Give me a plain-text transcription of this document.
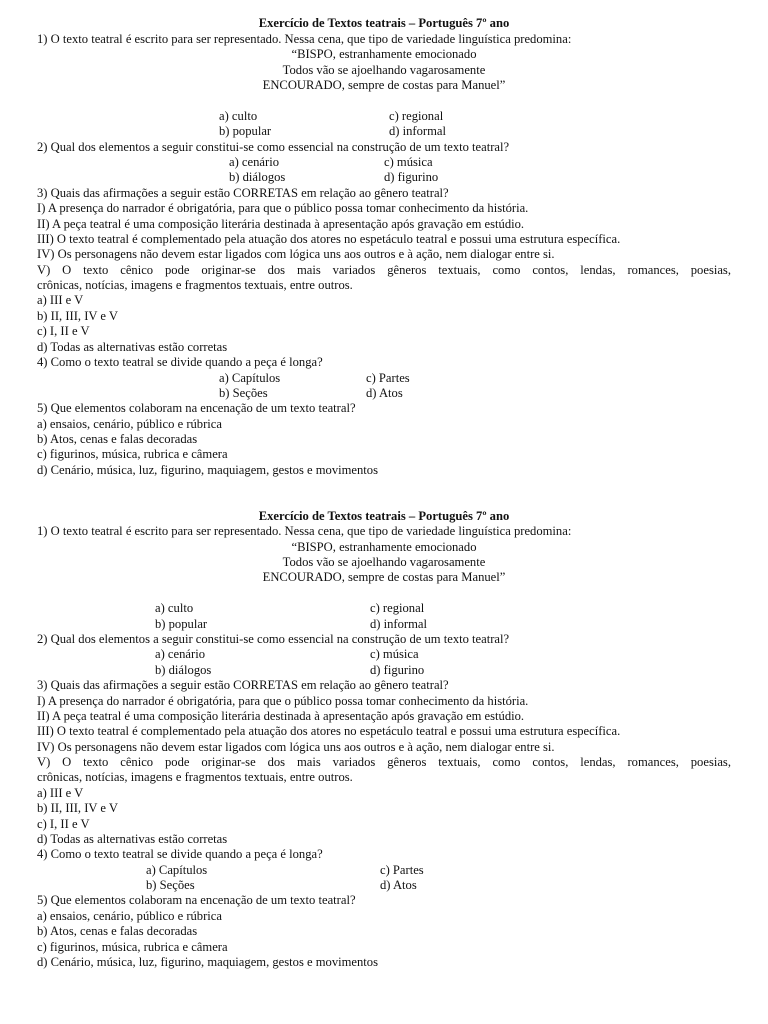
Exercício de Textos teatrais – Português 7º ano
1) O texto teatral é escrito para ser representado. Nessa cena, que tipo de variedade linguística predomina:
“BISPO, estranhamente emocionado
Todos vão se ajoelhando vagarosamente
ENCOURADO, sempre de costas para Manuel”
a) culto
b) popular
c) regional
d) informal
2) Qual dos elementos a seguir constitui-se como essencial na construção de um texto teatral?
a) cenário
b) diálogos
c) música
d) figurino
3) Quais das afirmações a seguir estão CORRETAS em relação ao gênero teatral?
I) A presença do narrador é obrigatória, para que o público possa tomar conhecimento da história.
II) A peça teatral é uma composição literária destinada à apresentação após gravação em estúdio.
III) O texto teatral é complementado pela atuação dos atores no espetáculo teatral e possui uma estrutura específica.
IV) Os personagens não devem estar ligados com lógica uns aos outros e à ação, nem dialogar entre si.
V) O texto cênico pode originar-se dos mais variados gêneros textuais, como contos, lendas, romances, poesias,
crônicas, notícias, imagens e fragmentos textuais, entre outros.
a) III e V
b) II, III, IV e V
c) I, II e V
d) Todas as alternativas estão corretas
4) Como o texto teatral se divide quando a peça é longa?
a) Capítulos
b) Seções
c) Partes
d) Atos
5) Que elementos colaboram na encenação de um texto teatral?
a) ensaios, cenário, público e rúbrica
b) Atos, cenas e falas decoradas
c) figurinos, música, rubrica e câmera
d) Cenário, música, luz, figurino, maquiagem, gestos e movimentos
Exercício de Textos teatrais – Português 7º ano
1) O texto teatral é escrito para ser representado. Nessa cena, que tipo de variedade linguística predomina:
“BISPO, estranhamente emocionado
Todos vão se ajoelhando vagarosamente
ENCOURADO, sempre de costas para Manuel”
a) culto
b) popular
c) regional
d) informal
2) Qual dos elementos a seguir constitui-se como essencial na construção de um texto teatral?
a) cenário
b) diálogos
c) música
d) figurino
3) Quais das afirmações a seguir estão CORRETAS em relação ao gênero teatral?
I) A presença do narrador é obrigatória, para que o público possa tomar conhecimento da história.
II) A peça teatral é uma composição literária destinada à apresentação após gravação em estúdio.
III) O texto teatral é complementado pela atuação dos atores no espetáculo teatral e possui uma estrutura específica.
IV) Os personagens não devem estar ligados com lógica uns aos outros e à ação, nem dialogar entre si.
V) O texto cênico pode originar-se dos mais variados gêneros textuais, como contos, lendas, romances, poesias,
crônicas, notícias, imagens e fragmentos textuais, entre outros.
a) III e V
b) II, III, IV e V
c) I, II e V
d) Todas as alternativas estão corretas
4) Como o texto teatral se divide quando a peça é longa?
a) Capítulos
b) Seções
c) Partes
d) Atos
5) Que elementos colaboram na encenação de um texto teatral?
a) ensaios, cenário, público e rúbrica
b) Atos, cenas e falas decoradas
c) figurinos, música, rubrica e câmera
d) Cenário, música, luz, figurino, maquiagem, gestos e movimentos
